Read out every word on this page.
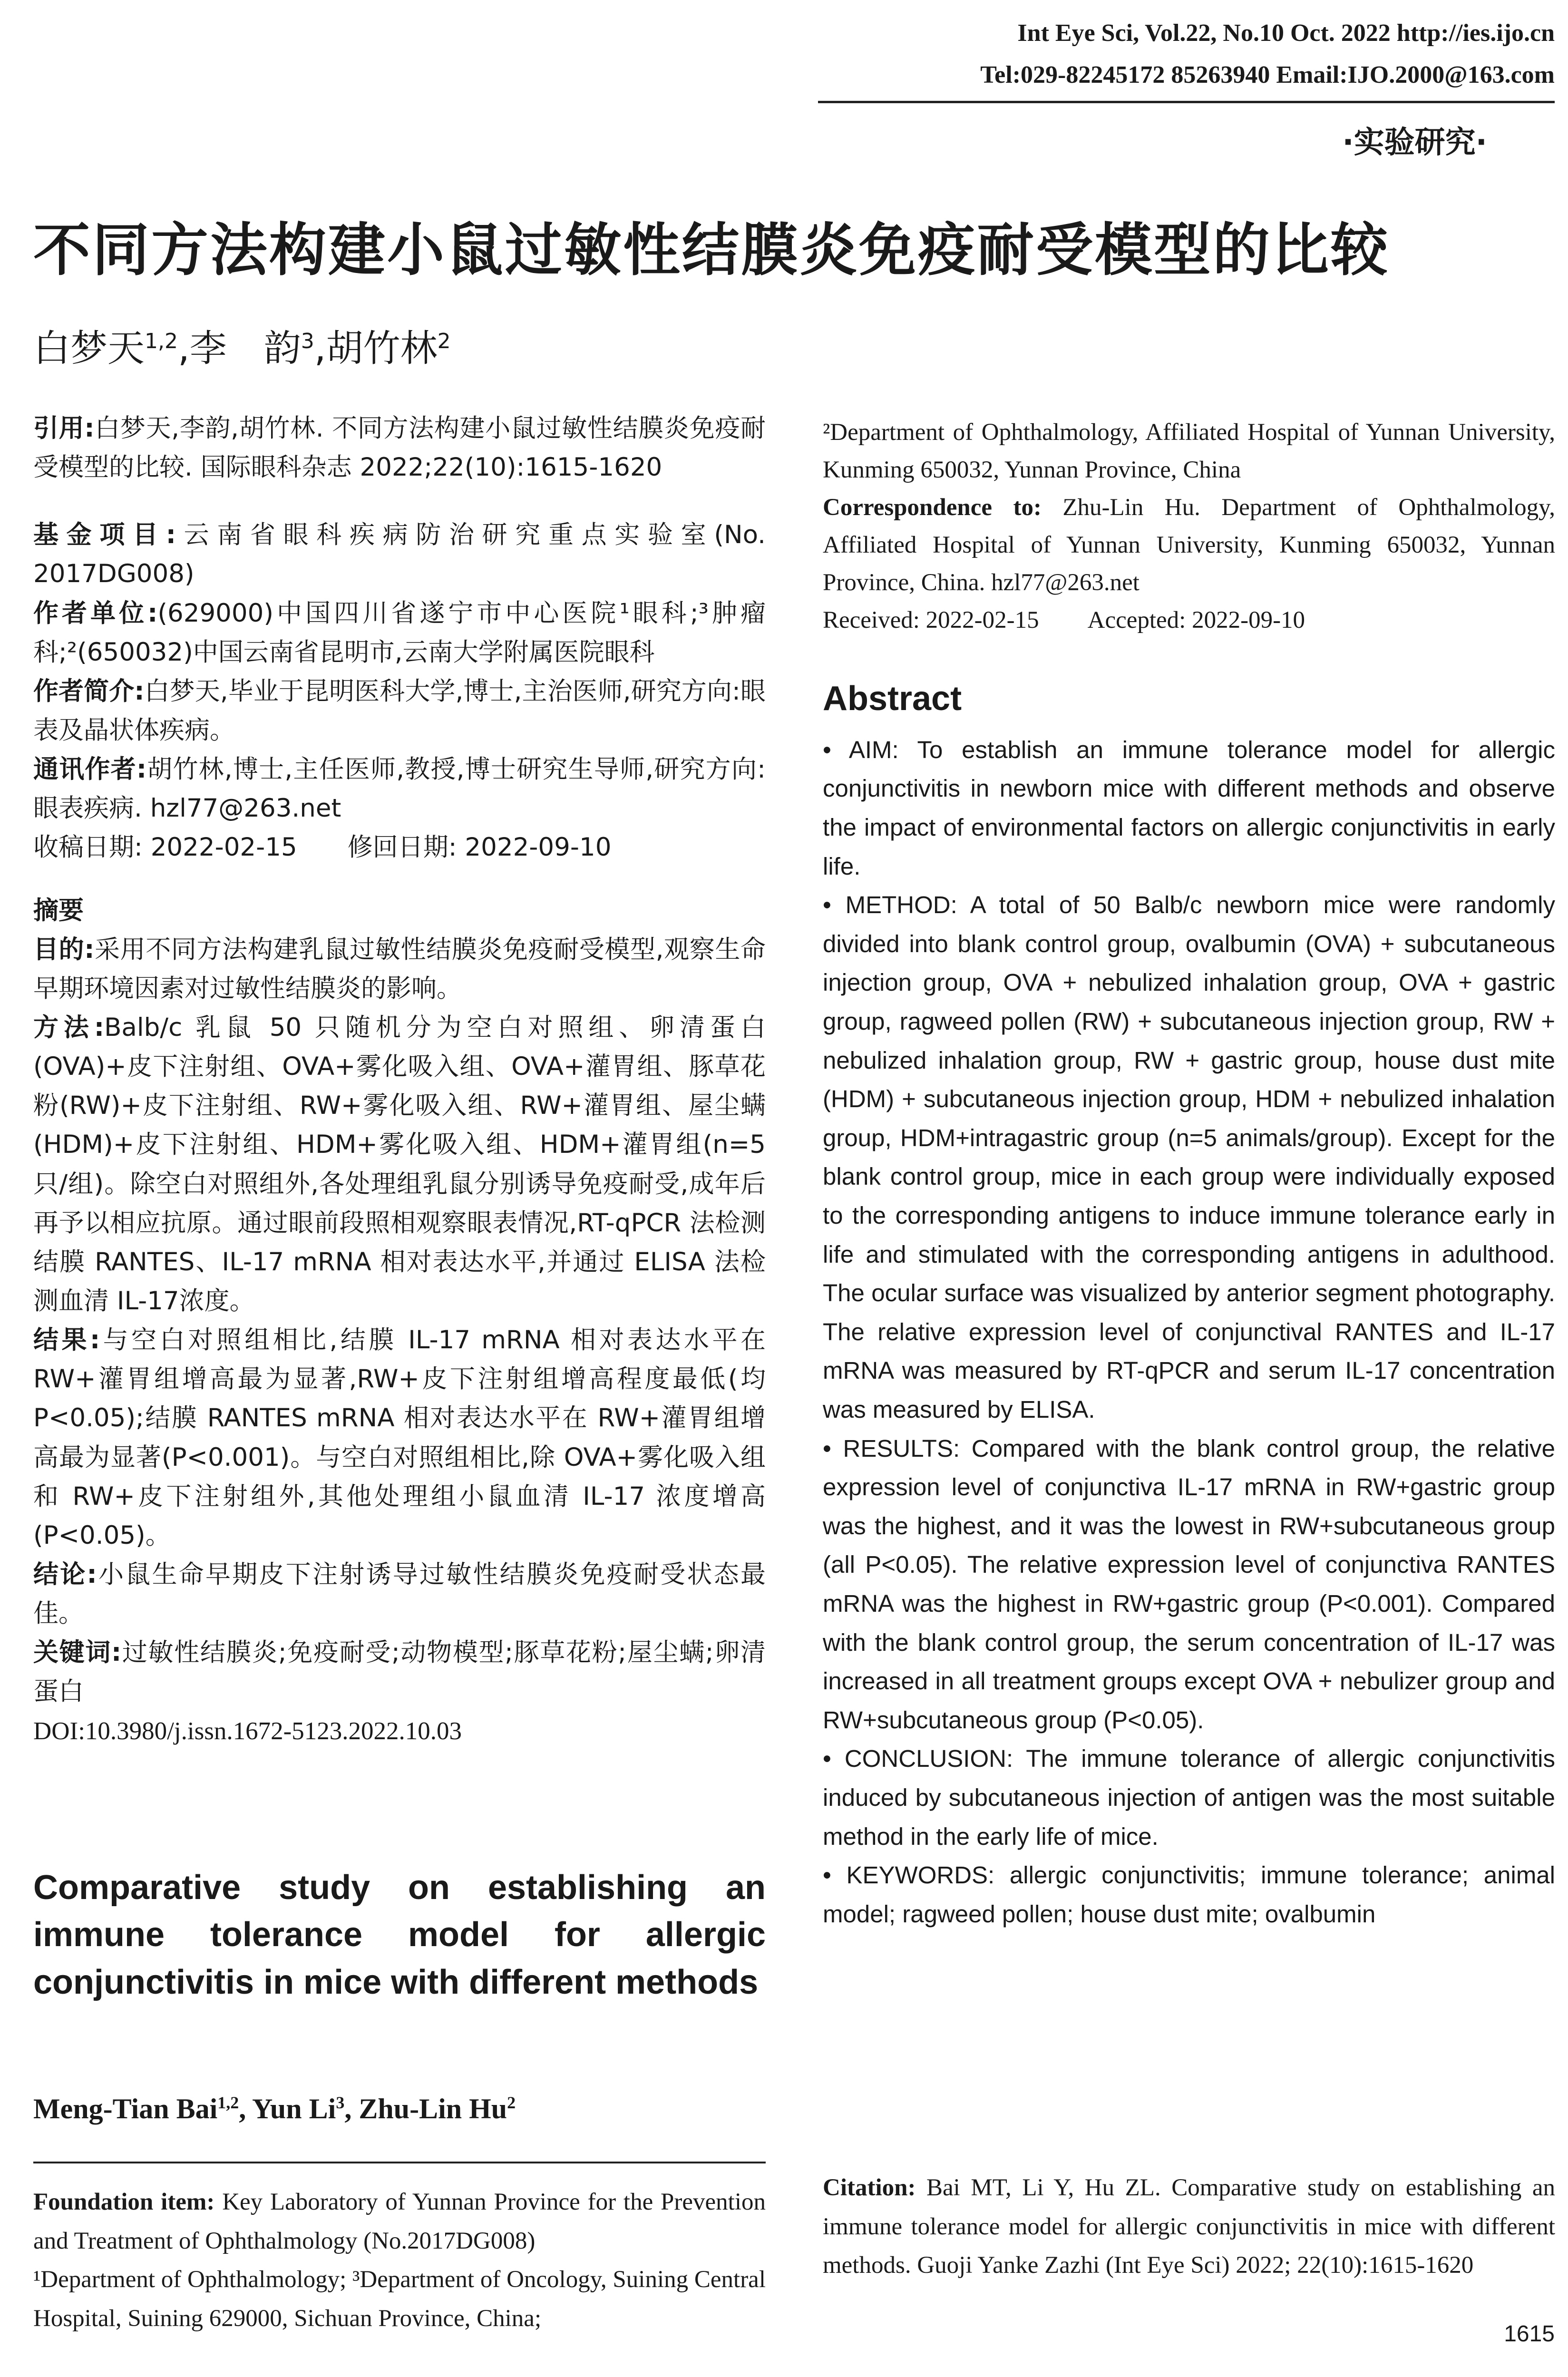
Int Eye Sci, Vol.22, No.10 Oct. 2022 http://ies.ijo.cn
Tel:029-82245172 85263940 Email:IJO.2000@163.com
·实验研究·
不同方法构建小鼠过敏性结膜炎免疫耐受模型的比较
白梦天$^{1,2}$,李　韵$^3$,胡竹林$^2$

引用:白梦天,李韵,胡竹林. 不同方法构建小鼠过敏性结膜炎免疫耐受模型的比较. 国际眼科杂志 2022;22(10):1615-1620

基金项目:云南省眼科疾病防治研究重点实验室(No. 2017DG008)

作者单位:(629000)中国四川省遂宁市中心医院¹眼科;³肿瘤科;²(650032)中国云南省昆明市,云南大学附属医院眼科

作者简介:白梦天,毕业于昆明医科大学,博士,主治医师,研究方向:眼表及晶状体疾病。

通讯作者:胡竹林,博士,主任医师,教授,博士研究生导师,研究方向:眼表疾病. hzl77@263.net

收稿日期: 2022-02-15　　修回日期: 2022-09-10

摘要

目的:采用不同方法构建乳鼠过敏性结膜炎免疫耐受模型,观察生命早期环境因素对过敏性结膜炎的影响。

方法:Balb/c 乳鼠 50 只随机分为空白对照组、卵清蛋白(OVA)+皮下注射组、OVA+雾化吸入组、OVA+灌胃组、豚草花粉(RW)+皮下注射组、RW+雾化吸入组、RW+灌胃组、屋尘螨(HDM)+皮下注射组、HDM+雾化吸入组、HDM+灌胃组(n=5 只/组)。除空白对照组外,各处理组乳鼠分别诱导免疫耐受,成年后再予以相应抗原。通过眼前段照相观察眼表情况,RT-qPCR 法检测结膜 RANTES、IL-17 mRNA 相对表达水平,并通过 ELISA 法检测血清 IL-17浓度。

结果:与空白对照组相比,结膜 IL-17 mRNA 相对表达水平在 RW+灌胃组增高最为显著,RW+皮下注射组增高程度最低(均 P<0.05);结膜 RANTES mRNA 相对表达水平在 RW+灌胃组增高最为显著(P<0.001)。与空白对照组相比,除 OVA+雾化吸入组和 RW+皮下注射组外,其他处理组小鼠血清 IL-17 浓度增高(P<0.05)。

结论:小鼠生命早期皮下注射诱导过敏性结膜炎免疫耐受状态最佳。

关键词:过敏性结膜炎;免疫耐受;动物模型;豚草花粉;屋尘螨;卵清蛋白

DOI:10.3980/j.issn.1672-5123.2022.10.03

Comparative study on establishing an immune tolerance model for allergic conjunctivitis in mice with different methods
Meng-Tian Bai$^{1,2}$, Yun Li$^3$, Zhu-Lin Hu$^2$
Foundation item: Key Laboratory of Yunnan Province for the Prevention and Treatment of Ophthalmology (No.2017DG008)
¹Department of Ophthalmology; ³Department of Oncology, Suining Central Hospital, Suining 629000, Sichuan Province, China;

²Department of Ophthalmology, Affiliated Hospital of Yunnan University, Kunming 650032, Yunnan Province, China

Correspondence to: Zhu-Lin Hu. Department of Ophthalmology, Affiliated Hospital of Yunnan University, Kunming 650032, Yunnan Province, China. hzl77@263.net

Received: 2022-02-15　　Accepted: 2022-09-10

Abstract

• AIM: To establish an immune tolerance model for allergic conjunctivitis in newborn mice with different methods and observe the impact of environmental factors on allergic conjunctivitis in early life.

• METHOD: A total of 50 Balb/c newborn mice were randomly divided into blank control group, ovalbumin (OVA) + subcutaneous injection group, OVA + nebulized inhalation group, OVA + gastric group, ragweed pollen (RW) + subcutaneous injection group, RW + nebulized inhalation group, RW + gastric group, house dust mite (HDM) + subcutaneous injection group, HDM + nebulized inhalation group, HDM+intragastric group (n=5 animals/group). Except for the blank control group, mice in each group were individually exposed to the corresponding antigens to induce immune tolerance early in life and stimulated with the corresponding antigens in adulthood. The ocular surface was visualized by anterior segment photography. The relative expression level of conjunctival RANTES and IL-17 mRNA was measured by RT-qPCR and serum IL-17 concentration was measured by ELISA.

• RESULTS: Compared with the blank control group, the relative expression level of conjunctiva IL-17 mRNA in RW+gastric group was the highest, and it was the lowest in RW+subcutaneous group (all P<0.05). The relative expression level of conjunctiva RANTES mRNA was the highest in RW+gastric group (P<0.001). Compared with the blank control group, the serum concentration of IL-17 was increased in all treatment groups except OVA + nebulizer group and RW+subcutaneous group (P<0.05).

• CONCLUSION: The immune tolerance of allergic conjunctivitis induced by subcutaneous injection of antigen was the most suitable method in the early life of mice.

• KEYWORDS: allergic conjunctivitis; immune tolerance; animal model; ragweed pollen; house dust mite; ovalbumin

Citation: Bai MT, Li Y, Hu ZL. Comparative study on establishing an immune tolerance model for allergic conjunctivitis in mice with different methods. Guoji Yanke Zazhi (Int Eye Sci) 2022; 22(10):1615-1620
1615
